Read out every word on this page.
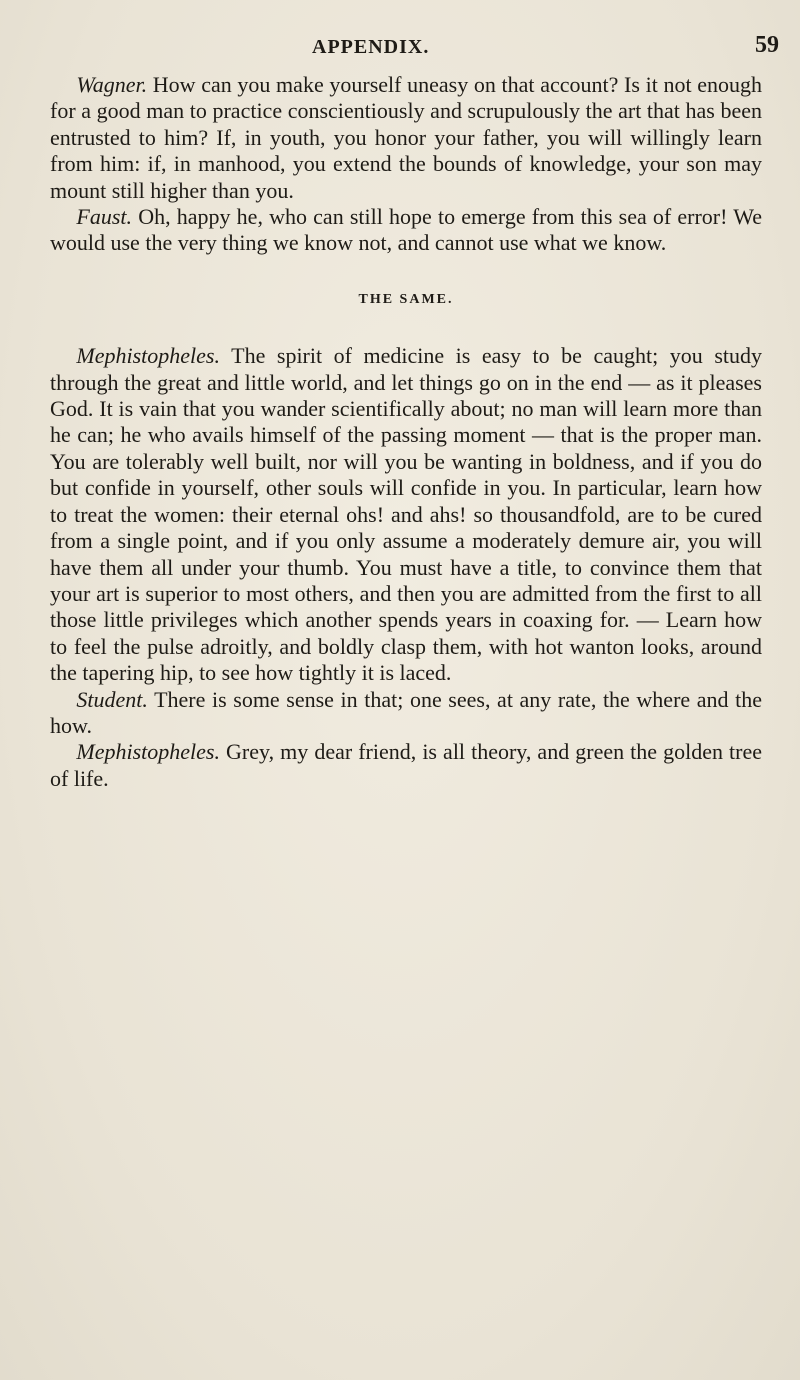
APPENDIX.	59

Wagner. How can you make yourself uneasy on that account? Is it not enough for a good man to practice conscientiously and scrupulously the art that has been entrusted to him? If, in youth, you honor your father, you will willingly learn from him: if, in manhood, you extend the bounds of knowledge, your son may mount still higher than you.

Faust. Oh, happy he, who can still hope to emerge from this sea of error! We would use the very thing we know not, and cannot use what we know.

THE SAME.

Mephistopheles. The spirit of medicine is easy to be caught; you study through the great and little world, and let things go on in the end — as it pleases God. It is vain that you wander scientifically about; no man will learn more than he can; he who avails himself of the passing moment — that is the proper man. You are tolerably well built, nor will you be wanting in boldness, and if you do but confide in yourself, other souls will confide in you. In particular, learn how to treat the women: their eternal ohs! and ahs! so thousandfold, are to be cured from a single point, and if you only assume a moderately demure air, you will have them all under your thumb. You must have a title, to convince them that your art is superior to most others, and then you are admitted from the first to all those little privileges which another spends years in coaxing for. — Learn how to feel the pulse adroitly, and boldly clasp them, with hot wanton looks, around the tapering hip, to see how tightly it is laced.

Student. There is some sense in that; one sees, at any rate, the where and the how.

Mephistopheles. Grey, my dear friend, is all theory, and green the golden tree of life.
